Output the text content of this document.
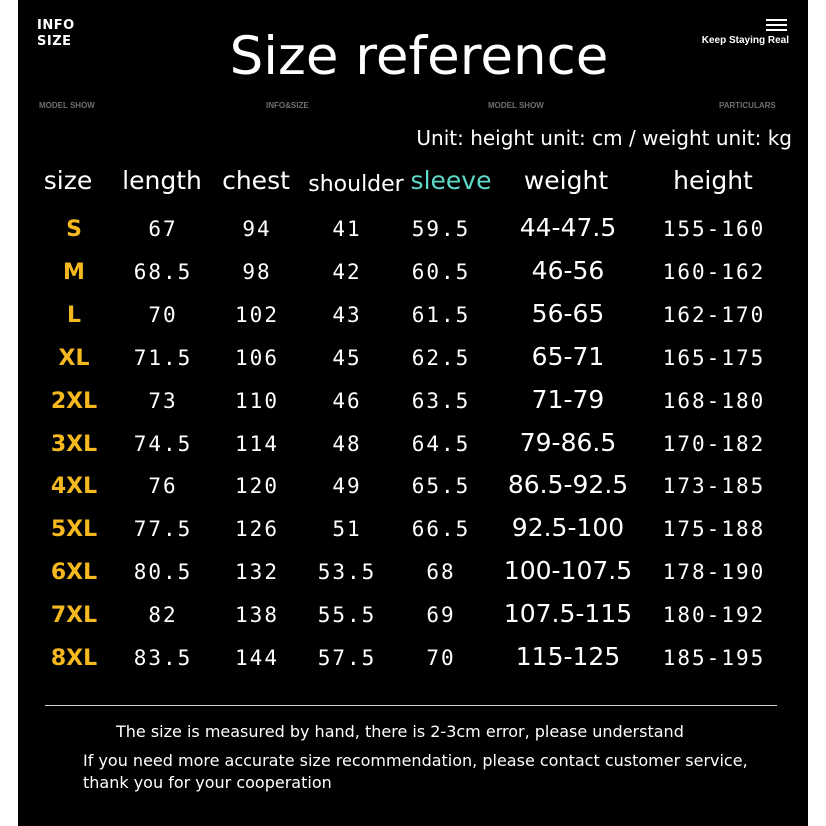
INFO
SIZE	Keep Staying Real
Size reference
MODEL SHOW	INFO&SIZE	MODEL SHOW	PARTICULARS
Unit: height unit: cm / weight unit: kg
size length chest shoulder sleeve weight	height
S	67	94	41 59.5 44-47.5 155-160
M 68.5 98	42 60.5 46-56	160-162
L	70	102	43 61.5 56-65	162-170
XL 71.5 106	45 62.5 65-71	165-175
2XL 73	110	46 63.5 71-79	168-180
3XL 74.5 114	48 64.5 79-86.5 170-182
4XL 76	120	49 65.5 86.5-92.5 173-185
5XL 77.5 126	51 66.5 92.5-100 175-188
6XL 80.5 132 53.5 68 100-107.5 178-190
7XL 82	138 55.5 69 107.5-115 180-192
8XL 83.5 144 57.5 70 115-125 185-195
The size is measured by hand, there is 2-3cm error, please understand
If you need more accurate size recommendation, please contact customer service,
thank you for your cooperation
